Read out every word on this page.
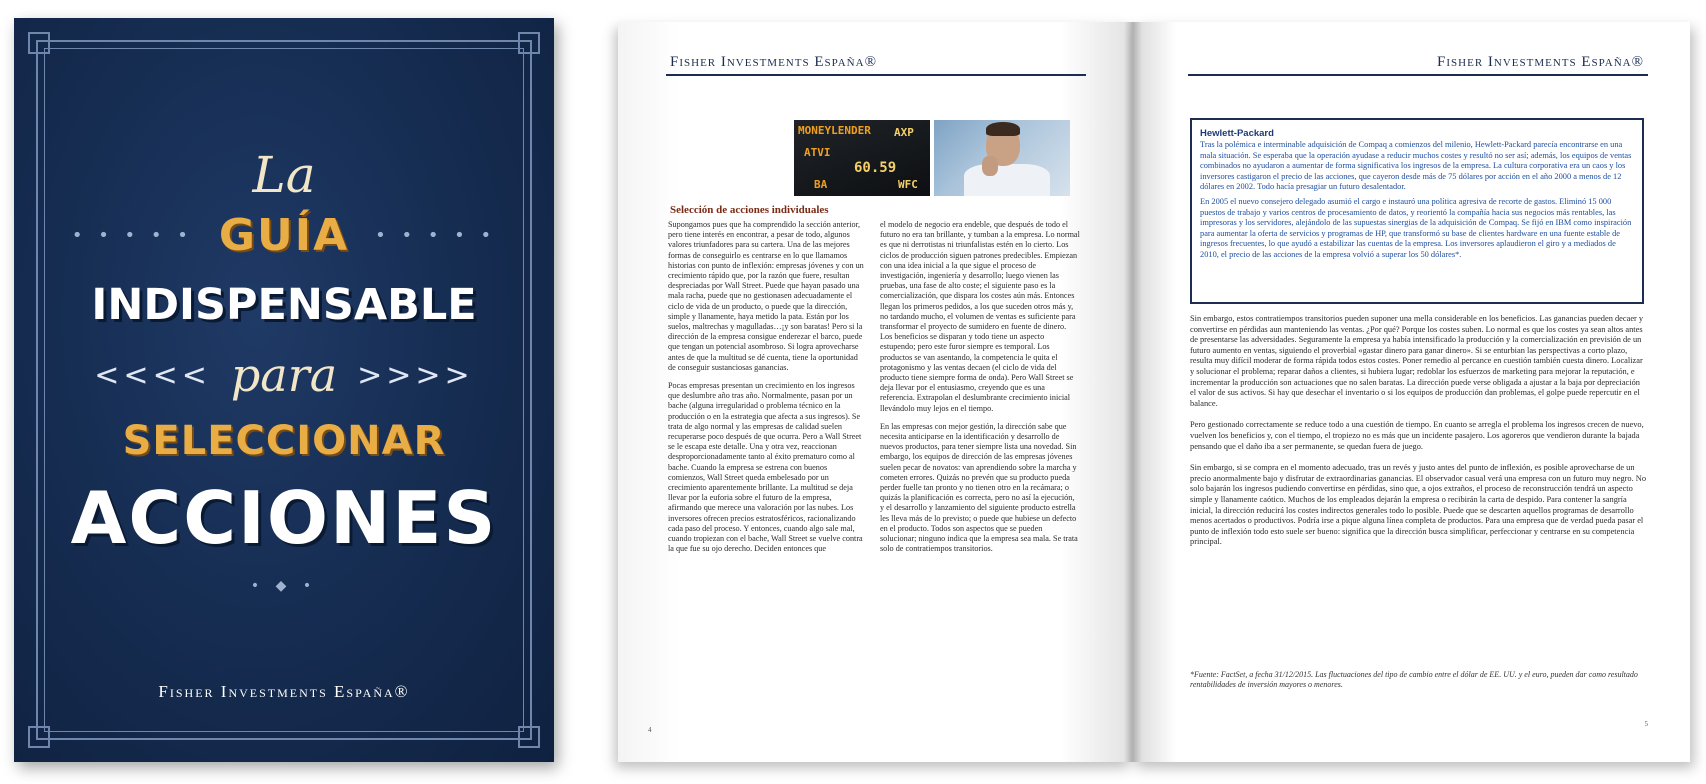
La
• • • • • GUÍA • • • • •
INDISPENSABLE
<<<< para >>>>
SELECCIONAR
ACCIONES
• ◆ •
Fisher Investments España®
Fisher Investments España®
MONEYLENDER AXP
ATVI
60.59
BA	WFC
Selección de acciones individuales

Supongamos pues que ha comprendido la sección anterior, pero tiene interés en encontrar, a pesar de todo, algunos valores triunfadores para su cartera. Una de las mejores formas de conseguirlo es centrarse en lo que llamamos historias con punto de inflexión: empresas jóvenes y con un crecimiento rápido que, por la razón que fuere, resultan despreciadas por Wall Street. Puede que hayan pasado una mala racha, puede que no gestionasen adecuadamente el ciclo de vida de un producto, o puede que la dirección, simple y llanamente, haya metido la pata. Están por los suelos, maltrechas y magulladas…¡y son baratas! Pero si la dirección de la empresa consigue enderezar el barco, puede que tengan un potencial asombroso. Si logra aprovecharse antes de que la multitud se dé cuenta, tiene la oportunidad de conseguir sustanciosas ganancias.

Pocas empresas presentan un crecimiento en los ingresos que deslumbre año tras año. Normalmente, pasan por un bache (alguna irregularidad o problema técnico en la producción o en la estrategia que afecta a sus ingresos). Se trata de algo normal y las empresas de calidad suelen recuperarse poco después de que ocurra. Pero a Wall Street se le escapa este detalle. Una y otra vez, reaccionan desproporcionadamente tanto al éxito prematuro como al bache. Cuando la empresa se estrena con buenos comienzos, Wall Street queda embelesado por un crecimiento aparentemente brillante. La multitud se deja llevar por la euforia sobre el futuro de la empresa, afirmando que merece una valoración por las nubes. Los inversores ofrecen precios estratosféricos, racionalizando cada paso del proceso. Y entonces, cuando algo sale mal, cuando tropiezan con el bache, Wall Street se vuelve contra la que fue su ojo derecho. Deciden entonces que

el modelo de negocio era endeble, que después de todo el futuro no era tan brillante, y tumban a la empresa. Lo normal es que ni derrotistas ni triunfalistas estén en lo cierto. Los ciclos de producción siguen patrones predecibles. Empiezan con una idea inicial a la que sigue el proceso de investigación, ingeniería y desarrollo; luego vienen las pruebas, una fase de alto coste; el siguiente paso es la comercialización, que dispara los costes aún más. Entonces llegan los primeros pedidos, a los que suceden otros más y, no tardando mucho, el volumen de ventas es suficiente para transformar el proyecto de sumidero en fuente de dinero. Los beneficios se disparan y todo tiene un aspecto estupendo; pero este furor siempre es temporal. Los productos se van asentando, la competencia le quita el protagonismo y las ventas decaen (el ciclo de vida del producto tiene siempre forma de onda). Pero Wall Street se deja llevar por el entusiasmo, creyendo que es una referencia. Extrapolan el deslumbrante crecimiento inicial llevándolo muy lejos en el tiempo.

En las empresas con mejor gestión, la dirección sabe que necesita anticiparse en la identificación y desarrollo de nuevos productos, para tener siempre lista una novedad. Sin embargo, los equipos de dirección de las empresas jóvenes suelen pecar de novatos: van aprendiendo sobre la marcha y cometen errores. Quizás no prevén que su producto pueda perder fuelle tan pronto y no tienen otro en la recámara; o quizás la planificación es correcta, pero no así la ejecución, y el desarrollo y lanzamiento del siguiente producto estrella les lleva más de lo previsto; o puede que hubiese un defecto en el producto. Todos son aspectos que se pueden solucionar; ninguno indica que la empresa sea mala. Se trata solo de contratiempos transitorios.

4
Fisher Investments España®
Hewlett-Packard

Tras la polémica e interminable adquisición de Compaq a comienzos del milenio, Hewlett-Packard parecía encontrarse en una mala situación. Se esperaba que la operación ayudase a reducir muchos costes y resultó no ser así; además, los equipos de ventas combinados no ayudaron a aumentar de forma significativa los ingresos de la empresa. La cultura corporativa era un caos y los inversores castigaron el precio de las acciones, que cayeron desde más de 75 dólares por acción en el año 2000 a menos de 12 dólares en 2002. Todo hacía presagiar un futuro desalentador.

En 2005 el nuevo consejero delegado asumió el cargo e instauró una política agresiva de recorte de gastos. Eliminó 15 000 puestos de trabajo y varios centros de procesamiento de datos, y reorientó la compañía hacia sus negocios más rentables, las impresoras y los servidores, alejándolo de las supuestas sinergias de la adquisición de Compaq. Se fijó en IBM como inspiración para aumentar la oferta de servicios y programas de HP, que transformó su base de clientes hardware en una fuente estable de ingresos frecuentes, lo que ayudó a estabilizar las cuentas de la empresa. Los inversores aplaudieron el giro y a mediados de 2010, el precio de las acciones de la empresa volvió a superar los 50 dólares*.

Sin embargo, estos contratiempos transitorios pueden suponer una mella considerable en los beneficios. Las ganancias pueden decaer y convertirse en pérdidas aun manteniendo las ventas. ¿Por qué? Porque los costes suben. Lo normal es que los costes ya sean altos antes de presentarse las adversidades. Seguramente la empresa ya había intensificado la producción y la comercialización en previsión de un futuro aumento en ventas, siguiendo el proverbial «gastar dinero para ganar dinero». Si se enturbian las perspectivas a corto plazo, resulta muy difícil moderar de forma rápida todos estos costes. Poner remedio al percance en cuestión también cuesta dinero. Localizar y solucionar el problema; reparar daños a clientes, si hubiera lugar; redoblar los esfuerzos de marketing para mejorar la reputación, e incrementar la producción son actuaciones que no salen baratas. La dirección puede verse obligada a ajustar a la baja por depreciación el valor de sus activos. Si hay que desechar el inventario o si los equipos de producción dan problemas, el golpe puede repercutir en el balance.

Pero gestionado correctamente se reduce todo a una cuestión de tiempo. En cuanto se arregla el problema los ingresos crecen de nuevo, vuelven los beneficios y, con el tiempo, el tropiezo no es más que un incidente pasajero. Los agoreros que vendieron durante la bajada pensando que el daño iba a ser permanente, se quedan fuera de juego.

Sin embargo, si se compra en el momento adecuado, tras un revés y justo antes del punto de inflexión, es posible aprovecharse de un precio anormalmente bajo y disfrutar de extraordinarias ganancias. El observador casual verá una empresa con un futuro muy negro. No solo bajarán los ingresos pudiendo convertirse en pérdidas, sino que, a ojos extraños, el proceso de reconstrucción tendrá un aspecto simple y llanamente caótico. Muchos de los empleados dejarán la empresa o recibirán la carta de despido. Para contener la sangría inicial, la dirección reducirá los costes indirectos generales todo lo posible. Puede que se descarten aquellos programas de desarrollo menos acertados o productivos. Podría irse a pique alguna línea completa de productos. Para una empresa que de verdad pueda pasar el punto de inflexión todo esto suele ser bueno: significa que la dirección busca simplificar, perfeccionar y centrarse en su competencia principal.

*Fuente: FactSet, a fecha 31/12/2015. Las fluctuaciones del tipo de cambio entre el dólar de EE. UU. y el euro, pueden dar como resultado rentabilidades de inversión mayores o menores.
5
